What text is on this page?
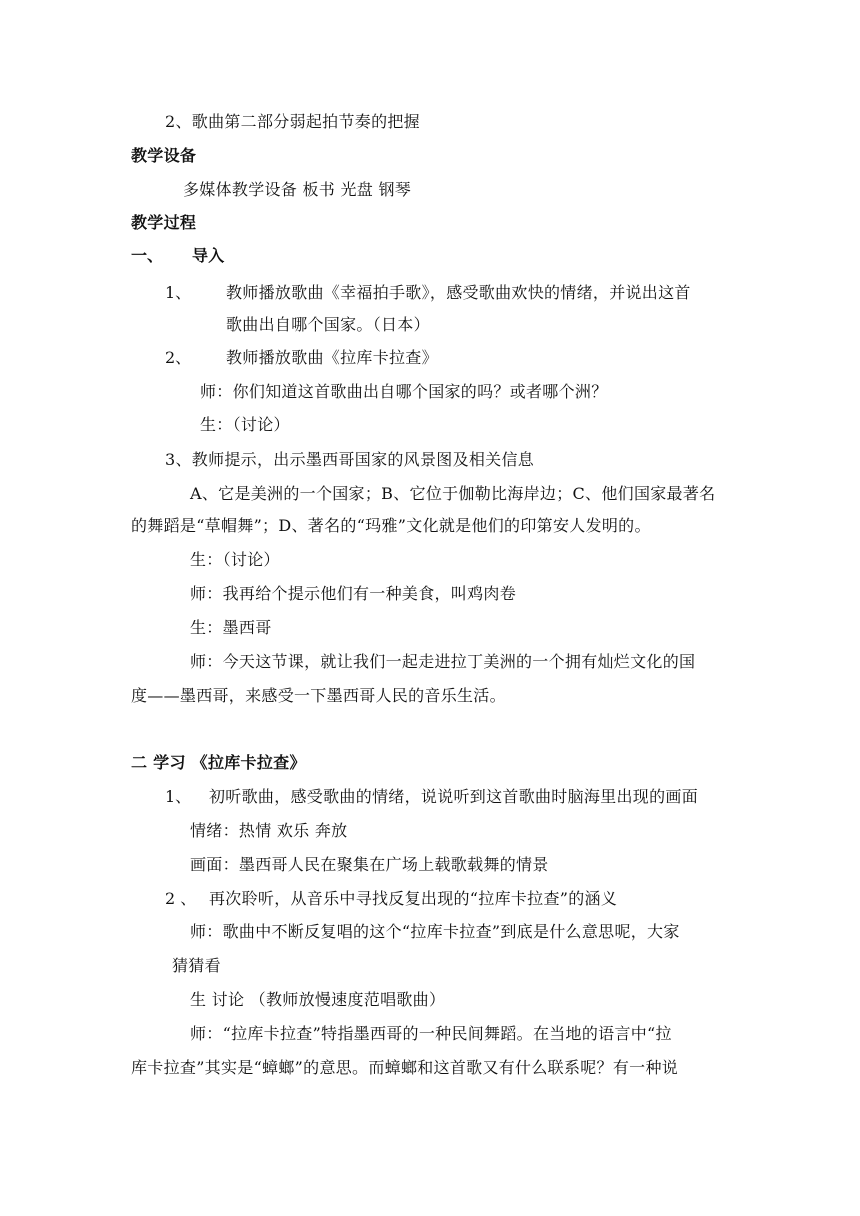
2、歌曲第二部分弱起拍节奏的把握
教学设备
多媒体教学设备 板书 光盘 钢琴
教学过程
一、 导入
1、 教师播放歌曲《幸福拍手歌》，感受歌曲欢快的情绪，并说出这首
歌曲出自哪个国家。（日本）
2、 教师播放歌曲《拉库卡拉查》
师：你们知道这首歌曲出自哪个国家的吗？或者哪个洲？
生：（讨论）
3、教师提示，出示墨西哥国家的风景图及相关信息
A、它是美洲的一个国家；B、它位于伽勒比海岸边；C、他们国家最著名
的舞蹈是“草帽舞”；D、著名的“玛雅”文化就是他们的印第安人发明的。
生：（讨论）
师：我再给个提示他们有一种美食，叫鸡肉卷
生：墨西哥
师：今天这节课，就让我们一起走进拉丁美洲的一个拥有灿烂文化的国
度——墨西哥，来感受一下墨西哥人民的音乐生活。
二 学习 《拉库卡拉查》
1、 初听歌曲，感受歌曲的情绪，说说听到这首歌曲时脑海里出现的画面
情绪：热情 欢乐 奔放
画面：墨西哥人民在聚集在广场上载歌载舞的情景
2 、 再次聆听，从音乐中寻找反复出现的“拉库卡拉查”的涵义
师：歌曲中不断反复唱的这个“拉库卡拉查”到底是什么意思呢，大家
猜猜看
生 讨论 （教师放慢速度范唱歌曲）
师：“拉库卡拉查”特指墨西哥的一种民间舞蹈。在当地的语言中“拉
库卡拉查”其实是“蟑螂”的意思。而蟑螂和这首歌又有什么联系呢？有一种说
